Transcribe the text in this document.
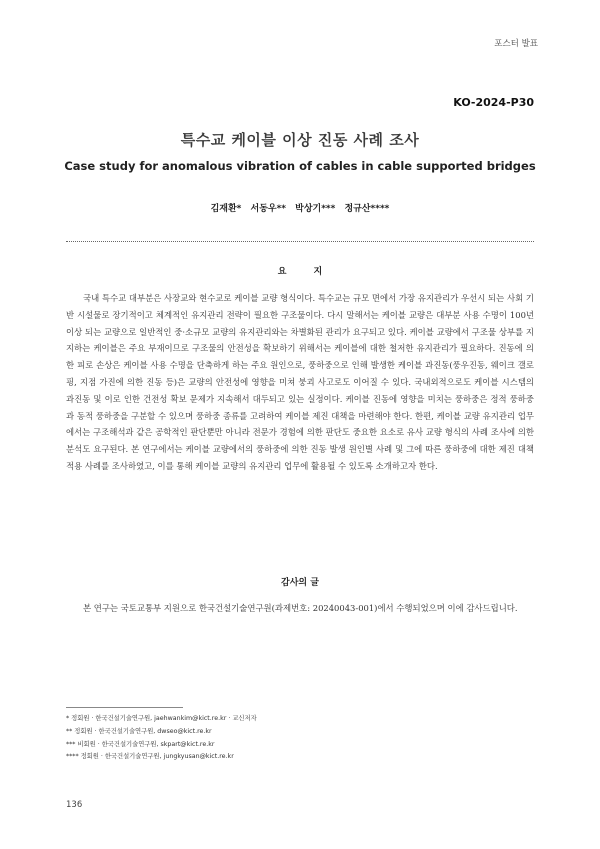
포스터 발표
KO-2024-P30
특수교 케이블 이상 진동 사례 조사
Case study for anomalous vibration of cables in cable supported bridges
김재환* 서동우** 박상기*** 정규산****
요 지

국내 특수교 대부분은 사장교와 현수교로 케이블 교량 형식이다. 특수교는 규모 면에서 가장 유지관리가 우선시 되는 사회 기반 시설물로 장기적이고 체계적인 유지관리 전략이 필요한 구조물이다. 다시 말해서는 케이블 교량은 대부분 사용 수명이 100년 이상 되는 교량으로 일반적인 중·소규모 교량의 유지관리와는 차별화된 관리가 요구되고 있다. 케이블 교량에서 구조물 상부를 지지하는 케이블은 주요 부재이므로 구조물의 안전성을 확보하기 위해서는 케이블에 대한 철저한 유지관리가 필요하다. 진동에 의한 피로 손상은 케이블 사용 수명을 단축하게 하는 주요 원인으로, 풍하중으로 인해 발생한 케이블 과진동(풍우진동, 웨이크 갤로핑, 지점 가진에 의한 진동 등)은 교량의 안전성에 영향을 미쳐 붕괴 사고로도 이어질 수 있다. 국내외적으로도 케이블 시스템의 과진동 및 이로 인한 건전성 확보 문제가 지속해서 대두되고 있는 실정이다. 케이블 진동에 영향을 미치는 풍하중은 정적 풍하중과 동적 풍하중을 구분할 수 있으며 풍하중 종류를 고려하여 케이블 제진 대책을 마련해야 한다. 한편, 케이블 교량 유지관리 업무에서는 구조해석과 같은 공학적인 판단뿐만 아니라 전문가 경험에 의한 판단도 중요한 요소로 유사 교량 형식의 사례 조사에 의한 분석도 요구된다. 본 연구에서는 케이블 교량에서의 풍하중에 의한 진동 발생 원인별 사례 및 그에 따른 풍하중에 대한 제진 대책 적용 사례를 조사하였고, 이를 통해 케이블 교량의 유지관리 업무에 활용될 수 있도록 소개하고자 한다.

감사의 글

본 연구는 국토교통부 지원으로 한국건설기술연구원(과제번호: 20240043-001)에서 수행되었으며 이에 감사드립니다.

* 정회원 · 한국건설기술연구원, jaehwankim@kict.re.kr · 교신저자
** 정회원 · 한국건설기술연구원, dwseo@kict.re.kr
*** 비회원 · 한국건설기술연구원, skpart@kict.re.kr
**** 정회원 · 한국건설기술연구원, jungkyusan@kict.re.kr
136
